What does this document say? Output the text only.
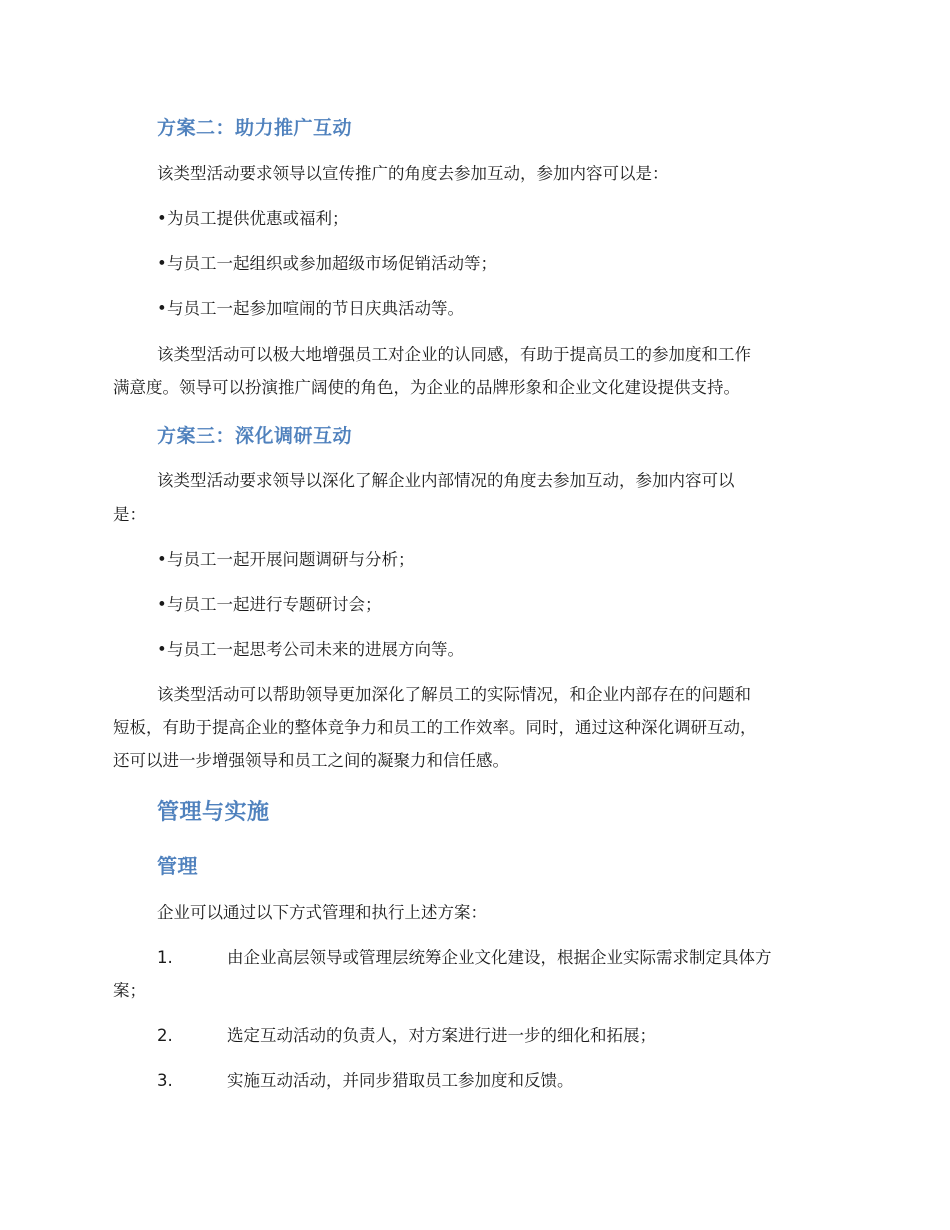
方案二：助力推广互动
该类型活动要求领导以宣传推广的角度去参加互动，参加内容可以是：
•为员工提供优惠或福利；
•与员工一起组织或参加超级市场促销活动等；
•与员工一起参加喧闹的节日庆典活动等。
该类型活动可以极大地增强员工对企业的认同感，有助于提高员工的参加度和工作
满意度。领导可以扮演推广阔使的角色，为企业的品牌形象和企业文化建设提供支持。
方案三：深化调研互动
该类型活动要求领导以深化了解企业内部情况的角度去参加互动，参加内容可以
是：
•与员工一起开展问题调研与分析；
•与员工一起进行专题研讨会；
•与员工一起思考公司未来的进展方向等。
该类型活动可以帮助领导更加深化了解员工的实际情况，和企业内部存在的问题和
短板，有助于提高企业的整体竞争力和员工的工作效率。同时，通过这种深化调研互动，
还可以进一步增强领导和员工之间的凝聚力和信任感。
管理与实施
管理
企业可以通过以下方式管理和执行上述方案：
1.	由企业高层领导或管理层统筹企业文化建设，根据企业实际需求制定具体方
案；
2.	选定互动活动的负责人，对方案进行进一步的细化和拓展；
3.	实施互动活动，并同步猎取员工参加度和反馈。
